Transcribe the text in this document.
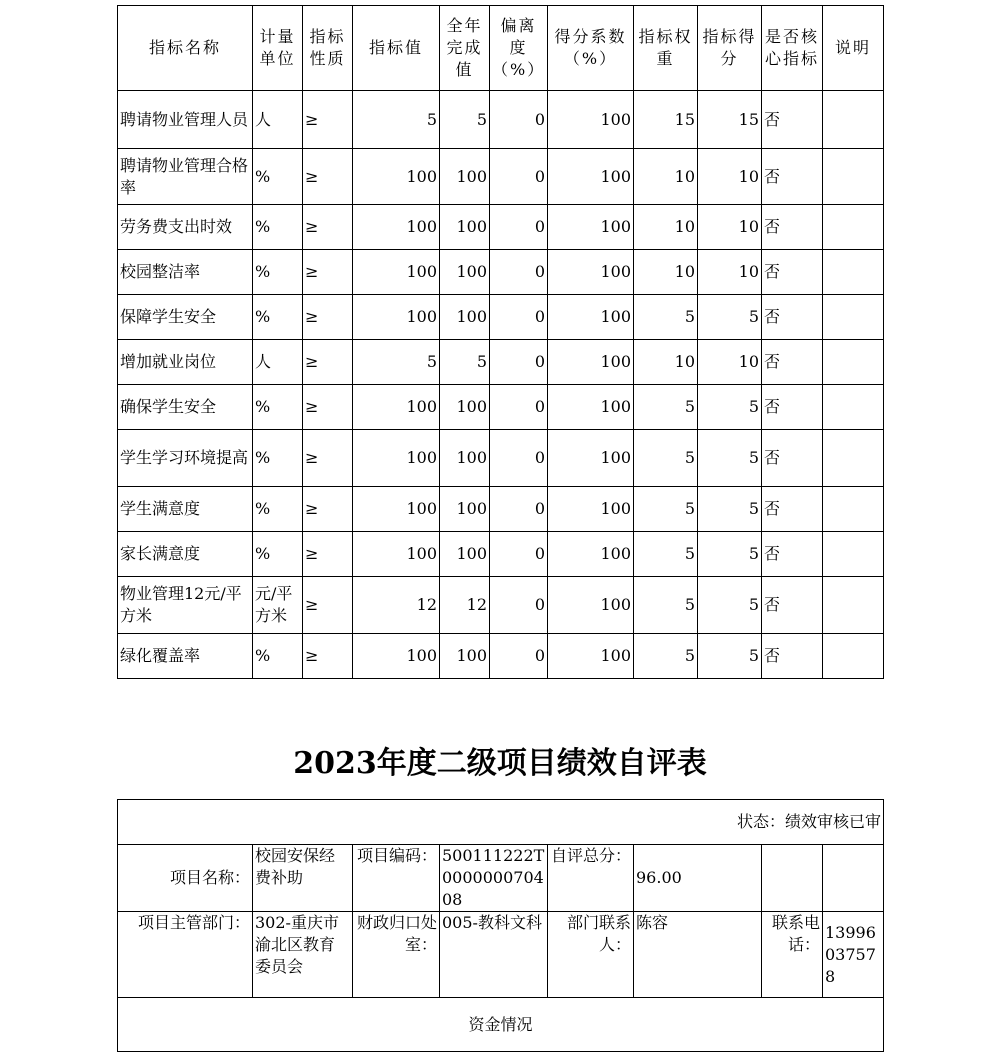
指标名称	计量单位	指标性质	指标值	全年完成值	偏离度（%）	得分系数（%）	指标权重	指标得分	是否核心指标	说明
聘请物业管理人员	人	≥	5	5	0	100	15	15	否	
聘请物业管理合格率	%	≥	100	100	0	100	10	10	否	
劳务费支出时效	%	≥	100	100	0	100	10	10	否	
校园整洁率	%	≥	100	100	0	100	10	10	否	
保障学生安全	%	≥	100	100	0	100	5	5	否	
增加就业岗位	人	≥	5	5	0	100	10	10	否	
确保学生安全	%	≥	100	100	0	100	5	5	否	
学生学习环境提高	%	≥	100	100	0	100	5	5	否	
学生满意度	%	≥	100	100	0	100	5	5	否	
家长满意度	%	≥	100	100	0	100	5	5	否	
物业管理12元/平方米	元/平方米	≥	12	12	0	100	5	5	否	
绿化覆盖率	%	≥	100	100	0	100	5	5	否	
2023年度二级项目绩效自评表
状态：绩效审核已审							
项目名称：	校园安保经费补助	项目编码：	500111222T000000070408	自评总分：	96.00		
项目主管部门：	302-重庆市渝北区教育委员会	财政归口处室：	005-教科文科	部门联系人：	陈容	联系电话：	13996037578
资金情况							
